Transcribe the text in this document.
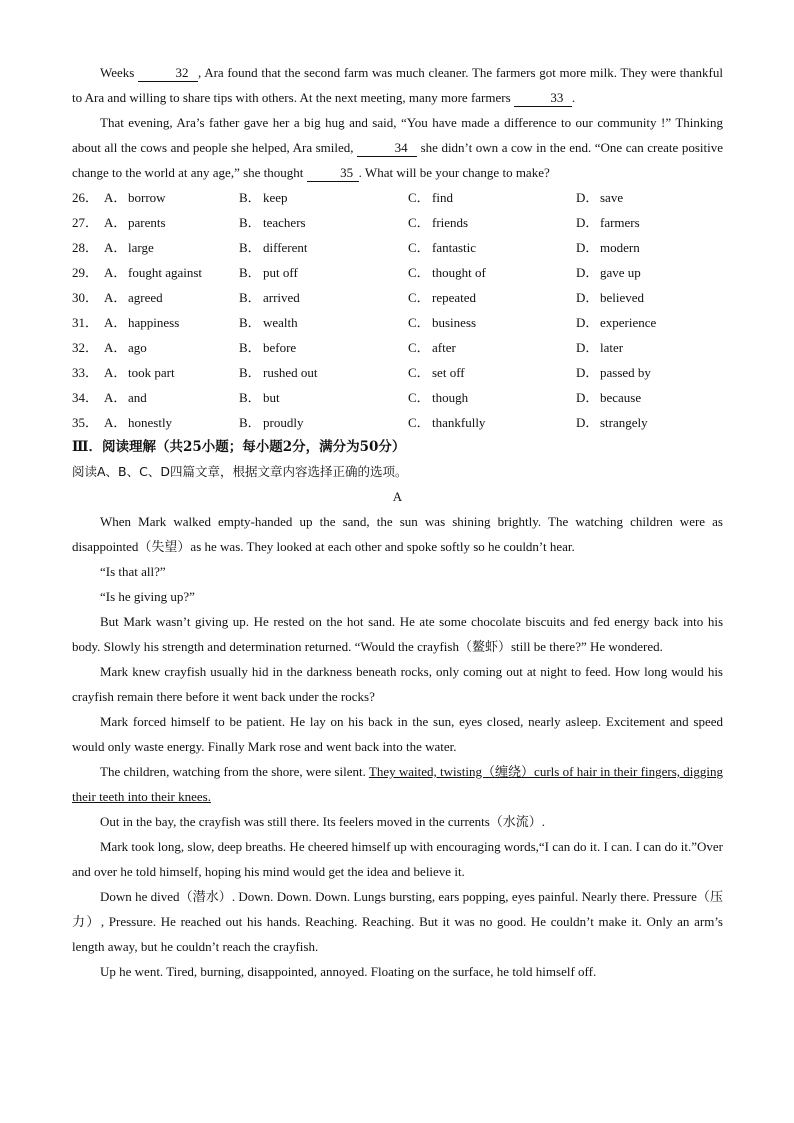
Weeks	32 , Ara found that the second farm was much cleaner. The farmers got more milk. They were thankful to Ara and willing to share tips with others. At the next meeting, many more farmers	33 .

That evening, Ara’s father gave her a big hug and said, “You have made a difference to our community !” Thinking about all the cows and people she helped, Ara smiled,	34 she didn’t own a cow in the end. “One can create positive change to the world at any age,” she thought	35 . What will be your change to make?

26． A． borrow	B． keep	C． find	D． save
27． A． parents	B． teachers	C． friends	D． farmers
28． A． large	B． different	C． fantastic	D． modern
29． A． fought against	B． put off	C． thought of	D． gave up
30． A． agreed	B． arrived	C． repeated	D． believed
31． A． happiness	B． wealth	C． business	D． experience
32． A． ago	B． before	C． after	D． later
33． A． took part	B． rushed out	C． set off	D． passed by
34． A． and	B． but	C． though	D． because
35． A． honestly	B． proudly	C． thankfully	D． strangely

Ⅲ．阅读理解（共25小题；每小题2分，满分为50分）

阅读A、B、C、D四篇文章，根据文章内容选择正确的选项。

A

When Mark walked empty-handed up the sand, the sun was shining brightly. The watching children were as disappointed（失望）as he was. They looked at each other and spoke softly so he couldn’t hear.

“Is that all?”

“Is he giving up?”

But Mark wasn’t giving up. He rested on the hot sand. He ate some chocolate biscuits and fed energy back into his body. Slowly his strength and determination returned. “Would the crayfish（鳌虾）still be there?” He wondered.

Mark knew crayfish usually hid in the darkness beneath rocks, only coming out at night to feed. How long would his crayfish remain there before it went back under the rocks?

Mark forced himself to be patient. He lay on his back in the sun, eyes closed, nearly asleep. Excitement and speed would only waste energy. Finally Mark rose and went back into the water.

The children, watching from the shore, were silent. They waited, twisting（缠绕）curls of hair in their fingers, digging their teeth into their knees.

Out in the bay, the crayfish was still there. Its feelers moved in the currents（水流）.

Mark took long, slow, deep breaths. He cheered himself up with encouraging words,“I can do it. I can. I can do it.”Over and over he told himself, hoping his mind would get the idea and believe it.

Down he dived（潜水）. Down. Down. Down. Lungs bursting, ears popping, eyes painful. Nearly there. Pressure（压力）, Pressure. He reached out his hands. Reaching. Reaching. But it was no good. He couldn’t make it. Only an arm’s length away, but he couldn’t reach the crayfish.

Up he went. Tired, burning, disappointed, annoyed. Floating on the surface, he told himself off.
